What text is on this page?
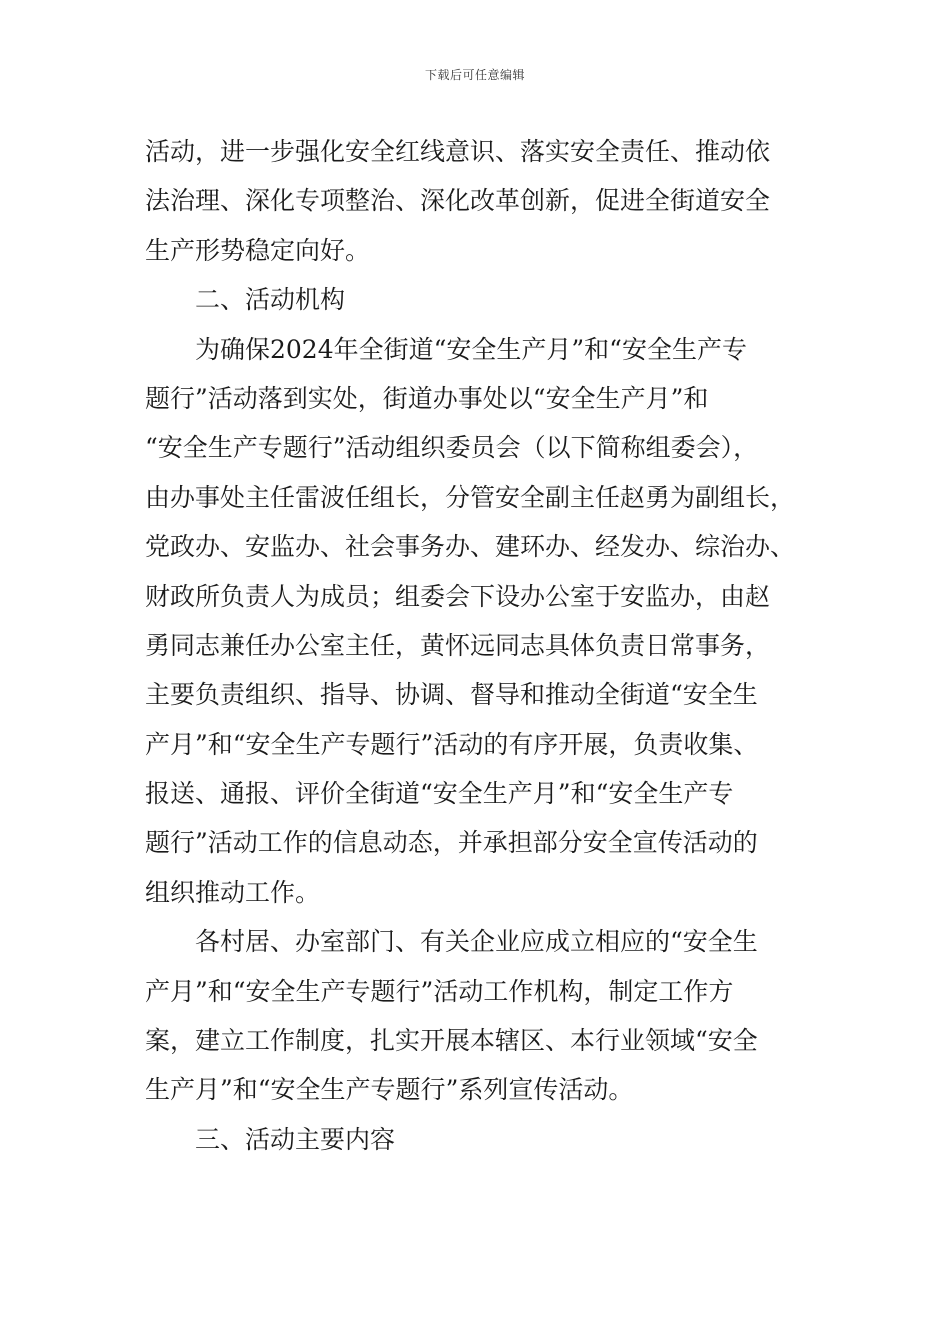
下载后可任意编辑
活动，进一步强化安全红线意识、落实安全责任、推动依
法治理、深化专项整治、深化改革创新，促进全街道安全
生产形势稳定向好。
二、活动机构
为确保2024年全街道“安全生产月”和“安全生产专
题行”活动落到实处，街道办事处以“安全生产月”和
“安全生产专题行”活动组织委员会（以下简称组委会），
由办事处主任雷波任组长，分管安全副主任赵勇为副组长，
党政办、安监办、社会事务办、建环办、经发办、综治办、
财政所负责人为成员；组委会下设办公室于安监办，由赵
勇同志兼任办公室主任，黄怀远同志具体负责日常事务，
主要负责组织、指导、协调、督导和推动全街道“安全生
产月”和“安全生产专题行”活动的有序开展，负责收集、
报送、通报、评价全街道“安全生产月”和“安全生产专
题行”活动工作的信息动态，并承担部分安全宣传活动的
组织推动工作。
各村居、办室部门、有关企业应成立相应的“安全生
产月”和“安全生产专题行”活动工作机构，制定工作方
案，建立工作制度，扎实开展本辖区、本行业领域“安全
生产月”和“安全生产专题行”系列宣传活动。
三、活动主要内容
